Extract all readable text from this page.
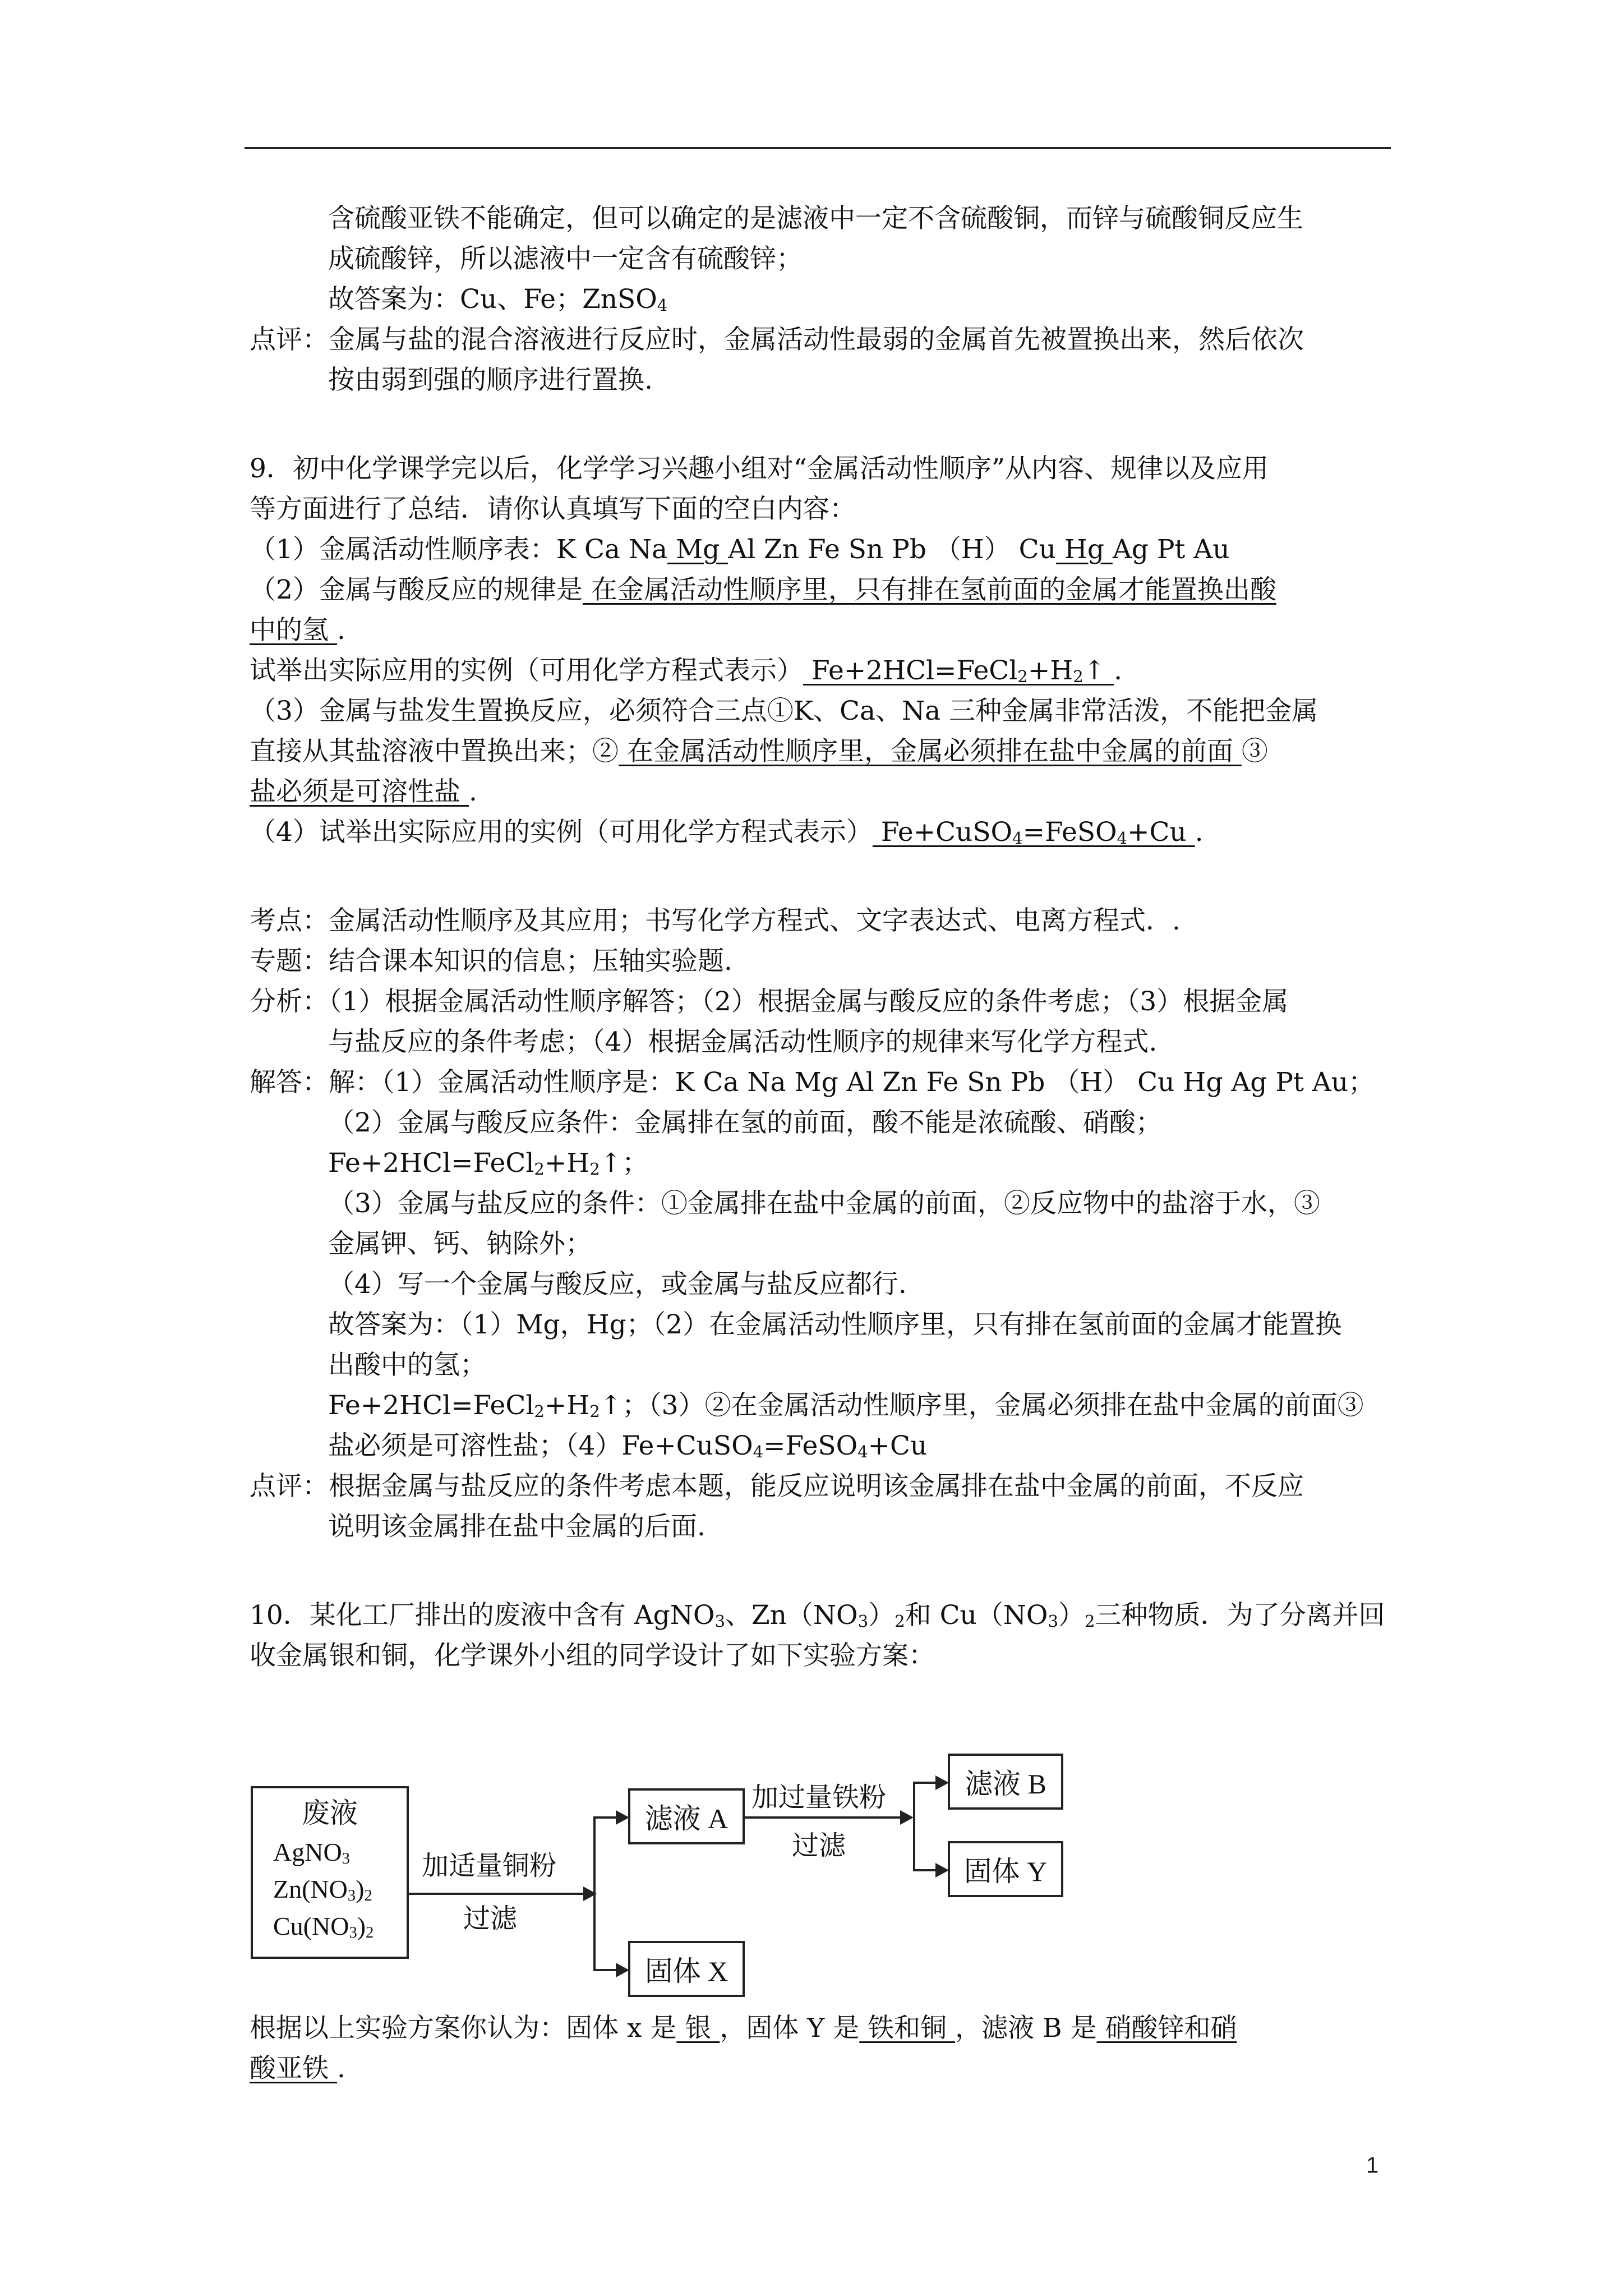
含硫酸亚铁不能确定，但可以确定的是滤液中一定不含硫酸铜，而锌与硫酸铜反应生
成硫酸锌，所以滤液中一定含有硫酸锌；
故答案为：Cu、Fe；ZnSO$_4$
点评：金属与盐的混合溶液进行反应时，金属活动性最弱的金属首先被置换出来，然后依次
按由弱到强的顺序进行置换.
9．初中化学课学完以后，化学学习兴趣小组对“金属活动性顺序”从内容、规律以及应用
等方面进行了总结．请你认真填写下面的空白内容：
（1）金属活动性顺序表：K Ca Na Mg Al Zn Fe Sn Pb （H） Cu Hg Ag Pt Au
（2）金属与酸反应的规律是 在金属活动性顺序里，只有排在氢前面的金属才能置换出酸
中的氢 .
试举出实际应用的实例（可用化学方程式表示） $Fe+2HCl=FeCl_2+H_2↑$ .
（3）金属与盐发生置换反应，必须符合三点①K、Ca、Na 三种金属非常活泼，不能把金属
直接从其盐溶液中置换出来；② 在金属活动性顺序里，金属必须排在盐中金属的前面 ③
盐必须是可溶性盐 .
（4）试举出实际应用的实例（可用化学方程式表示） Fe+CuSO$_4$=FeSO$_4$+Cu .
考点：金属活动性顺序及其应用；书写化学方程式、文字表达式、电离方程式．.
专题：结合课本知识的信息；压轴实验题.
分析：（1）根据金属活动性顺序解答；（2）根据金属与酸反应的条件考虑；（3）根据金属
与盐反应的条件考虑；（4）根据金属活动性顺序的规律来写化学方程式.
解答：解：（1）金属活动性顺序是：K Ca Na Mg Al Zn Fe Sn Pb （H） Cu Hg Ag Pt Au；
（2）金属与酸反应条件：金属排在氢的前面，酸不能是浓硫酸、硝酸；
$Fe+2HCl=FeCl_2+H_2↑$；
（3）金属与盐反应的条件：①金属排在盐中金属的前面，②反应物中的盐溶于水，③
金属钾、钙、钠除外；
（4）写一个金属与酸反应，或金属与盐反应都行.
故答案为：（1）Mg，Hg；（2）在金属活动性顺序里，只有排在氢前面的金属才能置换
出酸中的氢；
$Fe+2HCl=FeCl_2+H_2↑$；（3）②在金属活动性顺序里，金属必须排在盐中金属的前面③
盐必须是可溶性盐；（4）Fe+CuSO$_4$=FeSO$_4$+Cu
点评：根据金属与盐反应的条件考虑本题，能反应说明该金属排在盐中金属的前面，不反应
说明该金属排在盐中金属的后面.
10．某化工厂排出的废液中含有 AgNO$_3$、$Zn(NO_3)_2$和 $Cu(NO_3)_2$三种物质．为了分离并回
收金属银和铜，化学课外小组的同学设计了如下实验方案：
废液
AgNO$_3$
$Zn(NO_3)_2$
$Cu(NO_3)_2$
加适量铜粉
过滤
滤液 A
固体 X
加过量铁粉
过滤
滤液 B
固体 Y
根据以上实验方案你认为：固体 x 是 银 ，固体 Y 是 铁和铜 ，滤液 B 是 硝酸锌和硝
酸亚铁 .
1
